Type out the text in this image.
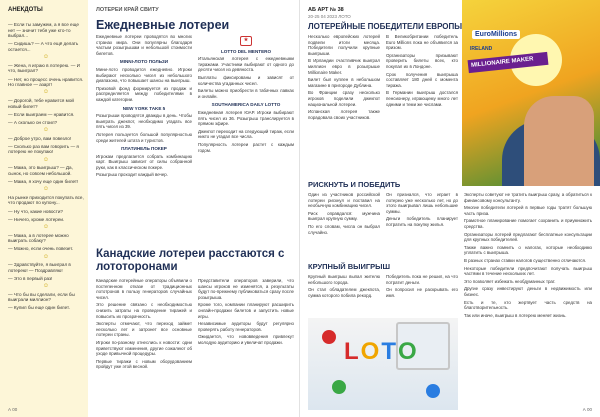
АНЕКДОТЫ

— Если ты замужем, а я все еще нет — значит тебя уже кто-то выбрал...

— Сидишь? — А что ещё делать остается...

☺

— Жена, я играю в лотерею. — И что, выиграл?

— Нет, но процесс очень нравится. Но главное — азарт!

☺

— Дорогой, тебе нравится мой новый билет?

— Если выиграем — нравится.

— А сколько он стоил?

☺

— Доброе утро, вам повезло!

— Сколько раз вам говорить — я лотерею не покупаю!

☺

— Мама, это выигрыш? — Да, сынок, но совсем небольшой.

— Мама, я хочу еще один билет!

☺

На рынке приходится покупать все, что продают по купону...

— Ну что, какие новости?

— Ничего, кроме лотереи.

☺

— Мама, а в лотерее можно выиграть собаку?

— Можно, если очень повезет.

☺

— Здравствуйте, я выиграл в лотерею! — Поздравляю!

— Это в первый раз!

☺

— Что бы вы сделали, если бы выиграли миллион?

— Купил бы еще один билет.

А 00
ЛОТЕРЕИ КРАЙ СВИТУ
Ежедневные лотереи

Ежедневные лотереи проводятся во многих странах мира. Они популярны благодаря частым розыгрышам и небольшой стоимости билетов.

MINNI-ЛОТО ПОЛЬЗИ

Мини-лото проводится ежедневно. Игроки выбирают несколько чисел из небольшого диапазона, что повышает шансы на выигрыш.

Призовой фонд формируется из продаж и распределяется между победителями в каждой категории.

NEW YORK TAKE 5

Розыгрыши проводятся дважды в день. Чтобы выиграть джекпот, необходимо угадать все пять чисел из 39.

Лотерея пользуется большой популярностью среди жителей штата и туристов.

ПЛАТИНЕЛЬ ПОКЕР

Игрокам предлагается собрать комбинацию карт. Выигрыш зависит от силы собранной руки, как в классическом покере.

Розыгрыш проходит каждый вечер.

★
LOTTO DEL MENTERO

Итальянская лотерея с ежедневными тиражами. Участники выбирают от одного до десяти чисел из девяноста.

Выплаты фиксированы и зависят от количества угаданных чисел.

Билеты можно приобрести в табачных лавках и онлайн.

SOUTHAMERICA DAILY LOTTO

Ежедневная лотерея ЮАР. Игроки выбирают пять чисел из 36. Розыгрыш транслируется в прямом эфире.

Джекпот переходит на следующий тираж, если никто не угадал все числа.

Популярность лотереи растет с каждым годом.

Канадские лотереи расстаются с лототоронами

Канадские лотерейные операторы объявили о постепенном отказе от традиционных лототронов в пользу генераторов случайных чисел.

Это решение связано с необходимостью снизить затраты на проведение тиражей и повысить их прозрачность.

Эксперты отмечают, что переход займет несколько лет и затронет все основные лотереи страны.

Игроки по-разному отнеслись к новости: одни приветствуют изменения, другие сожалеют об уходе привычной процедуры.

Первые тиражи с новым оборудованием пройдут уже этой весной.

Представители операторов заверили, что шансы игроков не изменятся, а результаты будут по-прежнему публиковаться сразу после розыгрыша.

Кроме того, компании планируют расширить онлайн-продажи билетов и запустить новые игры.

Независимые аудиторы будут регулярно проверять работу генераторов.

Ожидается, что нововведения привлекут молодую аудиторию и увеличат продажи.

АБ АРТ № 38
20-25 04 2023 ЛОТО
ЛОТЕРЕЙНЫЕ ПОБЕДИТЕЛИ ЕВРОПЫ

Несколько европейских лотерей подвели итоги месяца. Победители получили крупные выигрыши.

В Ирландии счастливчик выиграл миллион евро в розыгрыше Millionaire Maker.

Билет был куплен в небольшом магазине в пригороде Дублина.

Во Франции сразу несколько игроков поделили джекпот национальной лотереи.

Испанская лотерея также порадовала своих участников.

В Великобритании победитель Euro Millions пока не объявился за призом.

Организаторы призывают проверить билеты всех, кто покупал их в Лондоне.

Срок получения выигрыша составляет 180 дней с момента тиража.

В Германии выигрыш достался пенсионеру, играющему много лет одними и теми же числами.

EuroMillions
IRELAND
MILLIONAIRE MAKER
РИСКНУТЬ И ПОБЕДИТЬ

Один из участников российской лотереи рискнул и поставил на необычную комбинацию чисел.

Риск оправдался: мужчина выиграл крупную сумму.

По его словам, числа он выбрал случайно.

Он признался, что играет в лотерею уже несколько лет, но до этого выигрывал лишь небольшие суммы.

Деньги победитель планирует потратить на покупку жилья.

КРУПНЫЙ ВЫИГРЫШ

Крупный выигрыш выпал жителю небольшого города.

Он стал обладателем джекпота, сумма которого побила рекорд.

Победитель пока не решил, на что потратит деньги.

Он попросил не раскрывать его имя.

Эксперты советуют не тратить выигрыш сразу, а обратиться к финансовому консультанту.

Многие победители лотерей в первые годы тратят большую часть приза.

Грамотное планирование помогает сохранить и приумножить средства.

Организаторы лотерей предлагают бесплатные консультации для крупных победителей.

Также важно помнить о налогах, которые необходимо уплатить с выигрыша.

В разных странах ставки налогов существенно отличаются.

Некоторые победители предпочитают получать выигрыш частями в течение нескольких лет.

Это позволяет избежать необдуманных трат.

Другие сразу инвестируют деньги в недвижимость или бизнес.

Есть и те, кто жертвует часть средств на благотворительность.

Так или иначе, выигрыш в лотерею меняет жизнь.

L O T O
А 00
